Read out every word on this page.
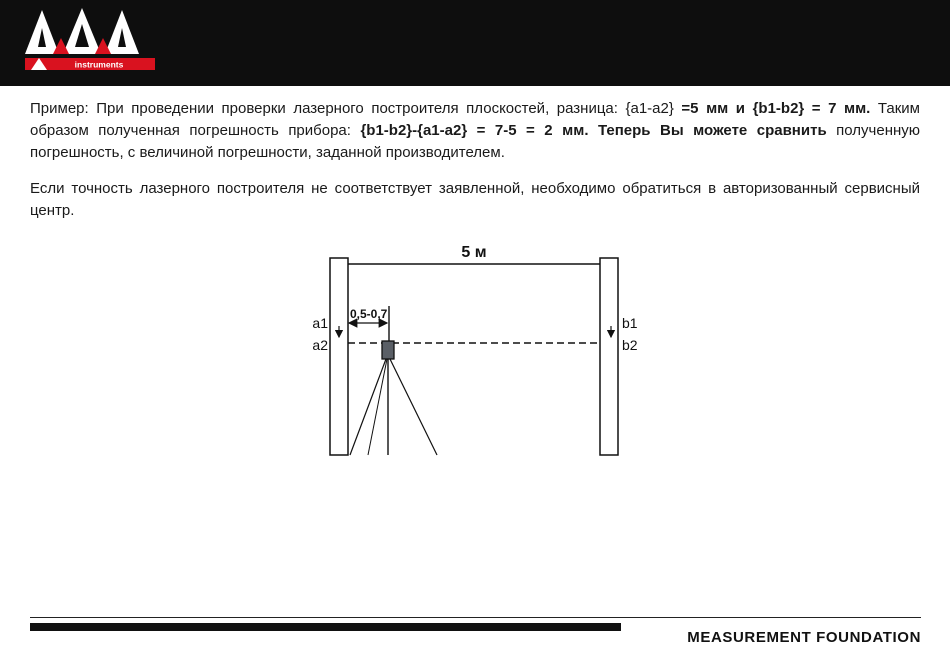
instruments

Пример: При проведении проверки лазерного построителя плоскостей, разница: {a1-a2} =5 мм и {b1-b2} = 7 мм. Таким образом полученная погрешность прибора: {b1-b2}-{a1-a2} = 7-5 = 2 мм. Теперь Вы можете сравнить полученную погрешность, с величиной погрешности, заданной производителем.

Если точность лазерного построителя не соответствует заявленной, необходимо обратиться в авторизованный сервисный центр.

5 м
a1
a2
b1
b2
0,5-0,7
MEASUREMENT FOUNDATION
